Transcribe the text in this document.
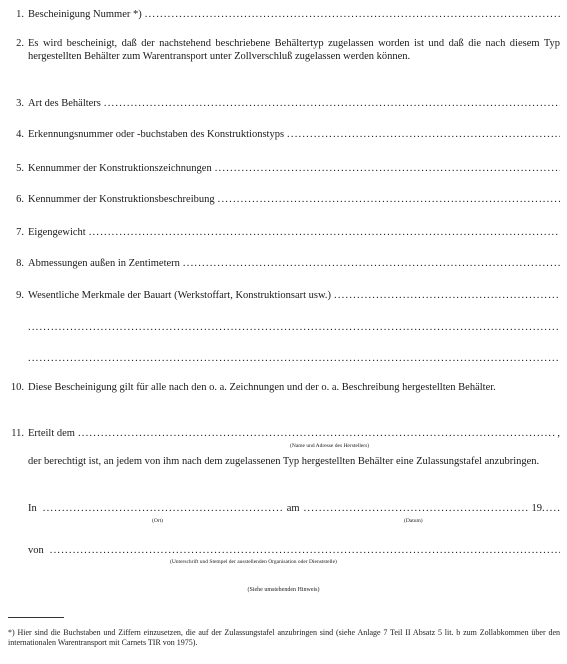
1. Bescheinigung Nummer *)
.....
2. Es wird bescheinigt, daß der nachstehend beschriebene Behältertyp zugelassen worden ist und daß die nach diesem Typ hergestellten Behälter zum Warentransport unter Zollverschluß zugelassen werden können.
3. Art des Behälters
.....
4. Erkennungsnummer oder -buchstaben des Konstruktionstyps
.....
5. Kennummer der Konstruktionszeichnungen
.....
6. Kennummer der Konstruktionsbeschreibung
.....
7. Eigengewicht
.....
8. Abmessungen außen in Zentimetern
.....
9. Wesentliche Merkmale der Bauart (Werkstoffart, Konstruktionsart usw.)
.....
.....
.....
10. Diese Bescheinigung gilt für alle nach den o. a. Zeichnungen und der o. a. Beschreibung hergestellten Behälter.
11. Erteilt dem .....	,
(Name und Adresse des Herstellers)
der berechtigt ist, an jedem von ihm nach dem zugelassenen Typ hergestellten Behälter eine Zulassungstafel anzubringen.
In .....	am .....	19
.....
(Ort)	(Datum)
von
.....
(Unterschrift und Stempel der ausstellenden Organisation oder Dienststelle)
(Siehe umstehenden Hinweis)
*) Hier sind die Buchstaben und Ziffern einzusetzen, die auf der Zulassungstafel anzubringen sind (siehe Anlage 7 Teil II Absatz 5 lit. b zum Zollabkommen über den internationalen Warentransport mit Carnets TIR von 1975).
